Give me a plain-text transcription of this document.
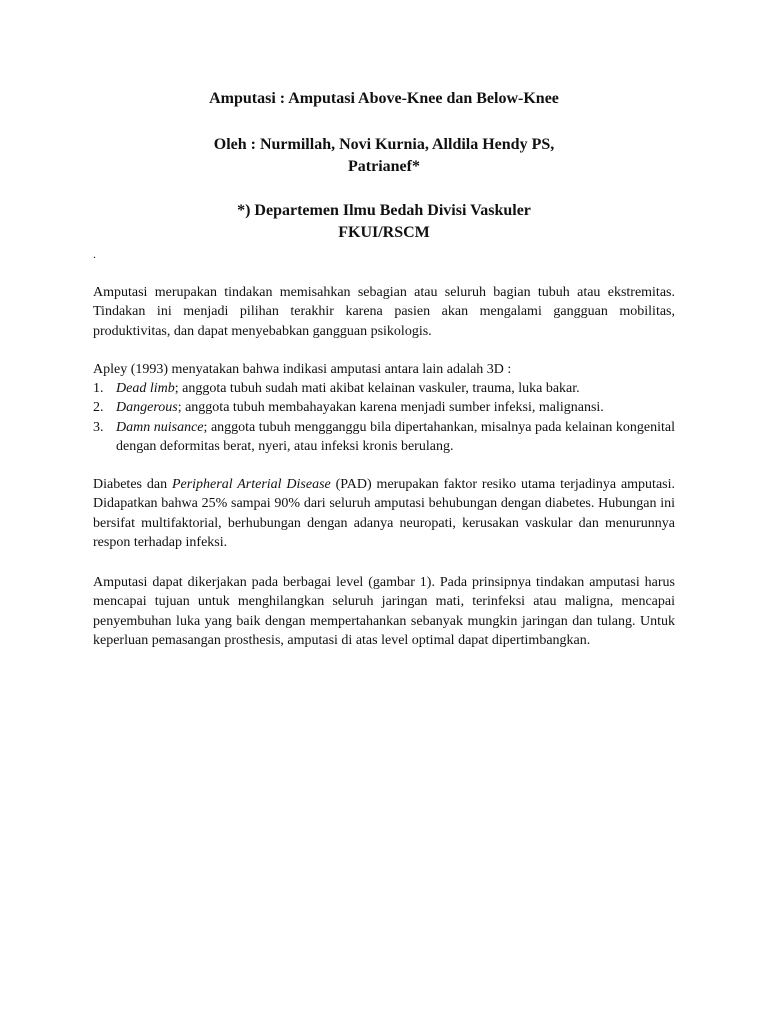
Amputasi : Amputasi Above-Knee dan Below-Knee

Oleh : Nurmillah, Novi Kurnia, Alldila Hendy PS,
Patrianef*

*) Departemen Ilmu Bedah Divisi Vaskuler
FKUI/RSCM

.

Amputasi merupakan tindakan memisahkan sebagian atau seluruh bagian tubuh atau ekstremitas. Tindakan ini menjadi pilihan terakhir karena pasien akan mengalami gangguan mobilitas, produktivitas, dan dapat menyebabkan gangguan psikologis.

Apley (1993) menyatakan bahwa indikasi amputasi antara lain adalah 3D :

1. Dead limb; anggota tubuh sudah mati akibat kelainan vaskuler, trauma, luka bakar.
2. Dangerous; anggota tubuh membahayakan karena menjadi sumber infeksi, malignansi.
3. Damn nuisance; anggota tubuh mengganggu bila dipertahankan, misalnya pada kelainan kongenital dengan deformitas berat, nyeri, atau infeksi kronis berulang.

Diabetes dan Peripheral Arterial Disease (PAD) merupakan faktor resiko utama terjadinya amputasi. Didapatkan bahwa 25% sampai 90% dari seluruh amputasi behubungan dengan diabetes. Hubungan ini bersifat multifaktorial, berhubungan dengan adanya neuropati, kerusakan vaskular dan menurunnya respon terhadap infeksi.

Amputasi dapat dikerjakan pada berbagai level (gambar 1). Pada prinsipnya tindakan amputasi harus mencapai tujuan untuk menghilangkan seluruh jaringan mati, terinfeksi atau maligna, mencapai penyembuhan luka yang baik dengan mempertahankan sebanyak mungkin jaringan dan tulang. Untuk keperluan pemasangan prosthesis, amputasi di atas level optimal dapat dipertimbangkan.
